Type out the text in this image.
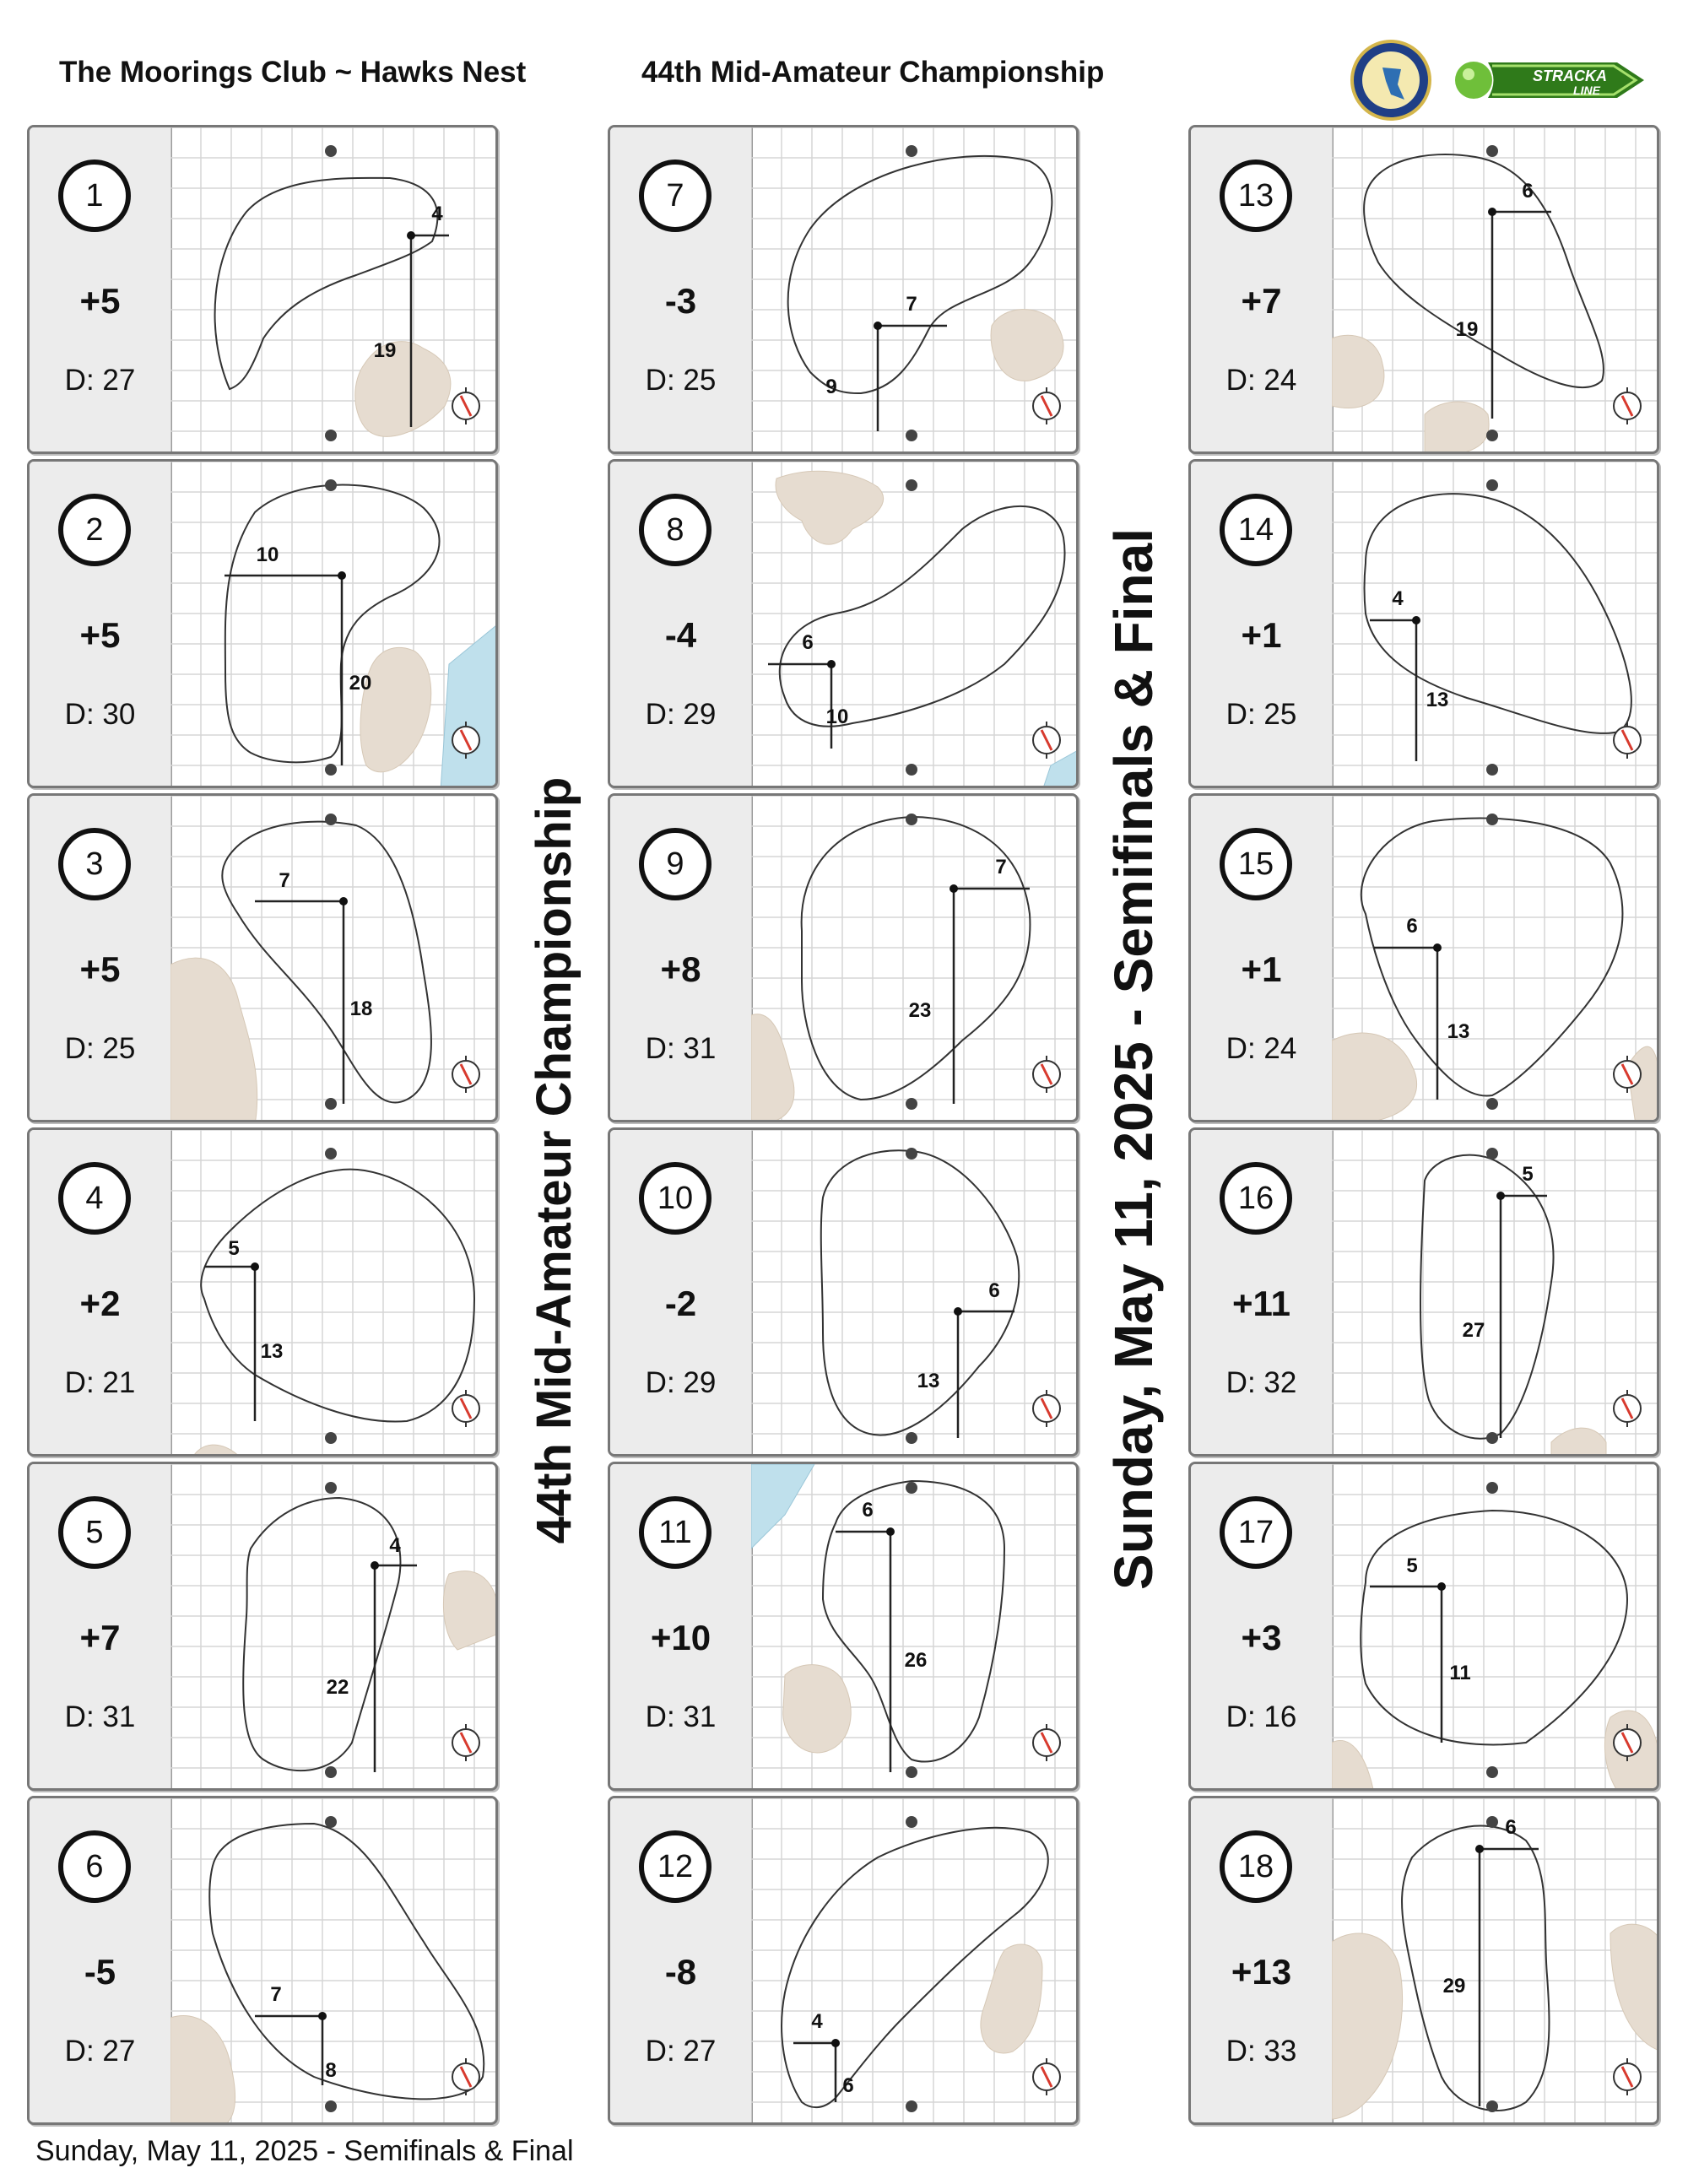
The Moorings Club ~ Hawks Nest	44th Mid-Amateur Championship	STRACKA
LINE
44th Mid-Amateur Championship	Sunday, May 11, 2025 - Semifinals & Final
1
+5
D: 27
4
19
2
+5
D: 30
10
20
3
+5
D: 25
7
18
4
+2
D: 21
5
13
5
+7
D: 31
4
22
6
-5
D: 27
7
8
7
-3
D: 25
7
9
8
-4
D: 29
6
10
9
+8
D: 31
7
23
10
-2
D: 29
6
13
11
+10
D: 31
6
26
12
-8
D: 27
4
6
13
+7
D: 24
6
19
14
+1
D: 25
4
13
15
+1
D: 24
6
13
16
+11
D: 32
5
27
17
+3
D: 16
5
11
18
+13
D: 33
6
29
Sunday, May 11, 2025 - Semifinals & Final
